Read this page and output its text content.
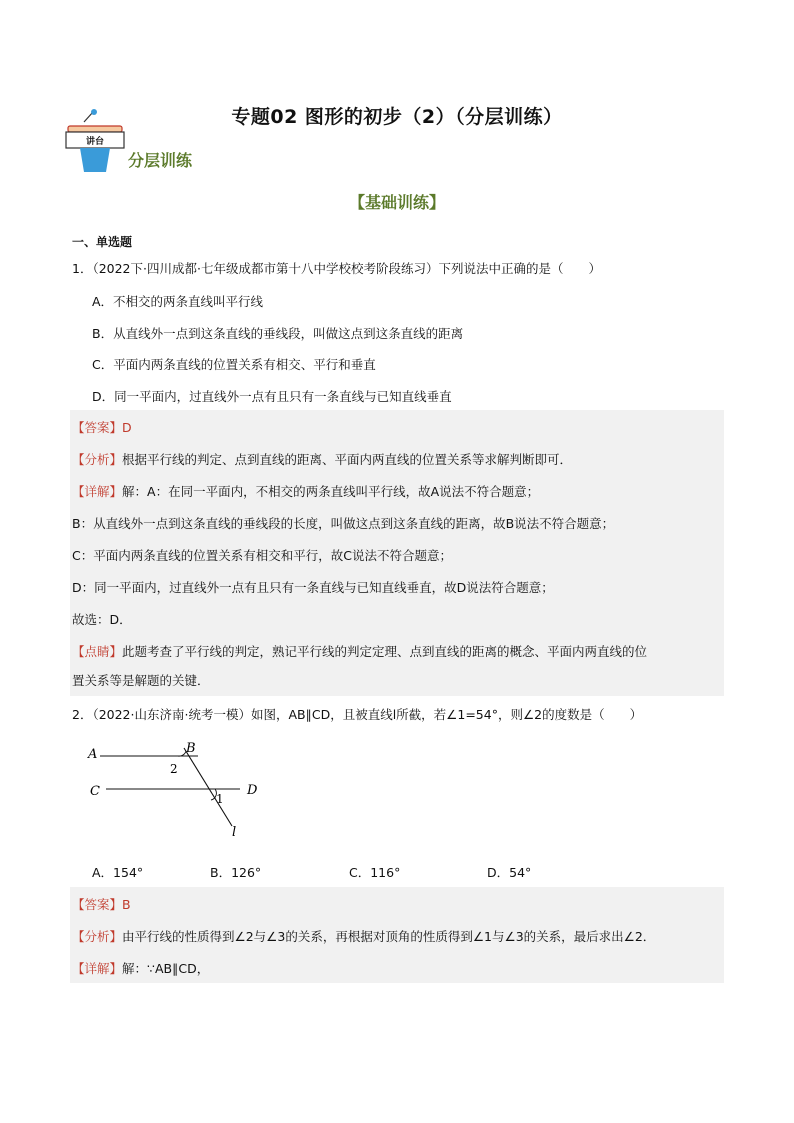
讲台
专题02 图形的初步（2）（分层训练）
分层训练
【基础训练】
一、单选题
1．（2022下·四川成都·七年级成都市第十八中学校校考阶段练习）下列说法中正确的是（　　）
A．不相交的两条直线叫平行线
B．从直线外一点到这条直线的垂线段，叫做这点到这条直线的距离
C．平面内两条直线的位置关系有相交、平行和垂直
D．同一平面内，过直线外一点有且只有一条直线与已知直线垂直
【答案】D
【分析】根据平行线的判定、点到直线的距离、平面内两直线的位置关系等求解判断即可．
【详解】解：A：在同一平面内，不相交的两条直线叫平行线，故A说法不符合题意；
B：从直线外一点到这条直线的垂线段的长度，叫做这点到这条直线的距离，故B说法不符合题意；
C：平面内两条直线的位置关系有相交和平行，故C说法不符合题意；
D：同一平面内，过直线外一点有且只有一条直线与已知直线垂直，故D说法符合题意；
故选：D．
【点睛】此题考查了平行线的判定，熟记平行线的判定定理、点到直线的距离的概念、平面内两直线的位
置关系等是解题的关键．
2．（2022·山东济南·统考一模）如图，AB∥CD，且被直线l所截，若∠1=54°，则∠2的度数是（　　）
A	B
C	D
2
1
l
A．154°	B．126°	C．116°	D．54°
【答案】B
【分析】由平行线的性质得到∠2与∠3的关系，再根据对顶角的性质得到∠1与∠3的关系，最后求出∠2．
【详解】解：∵AB∥CD，
